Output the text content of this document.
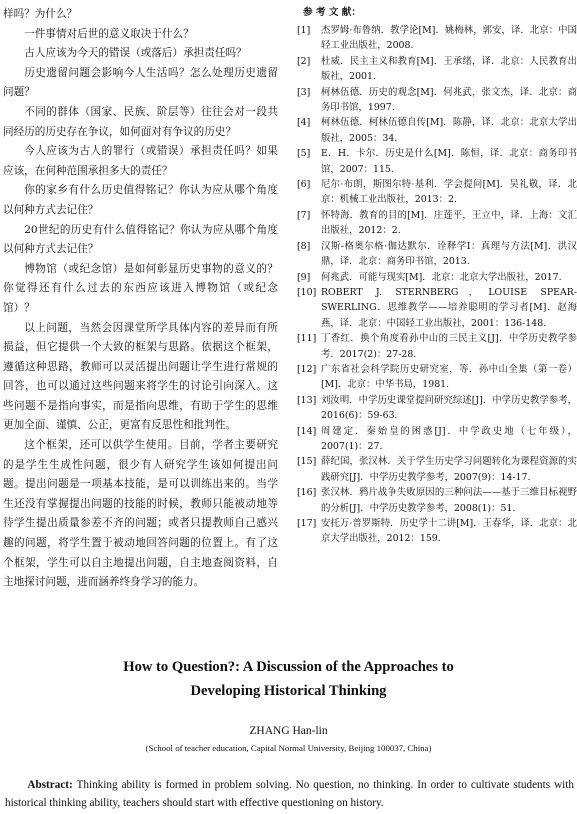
样吗？为什么？

一件事情对后世的意义取决于什么？

古人应该为今天的错误（或落后）承担责任吗？

历史遗留问题会影响今人生活吗？怎么处理历史遗留问题？

不同的群体（国家、民族、阶层等）往往会对一段共同经历的历史存在争议，如何面对有争议的历史？

今人应该为古人的罪行（或错误）承担责任吗？如果应该，在何种范围承担多大的责任？

你的家乡有什么历史值得铭记？你认为应从哪个角度以何种方式去记住？

20世纪的历史有什么值得铭记？你认为应从哪个角度以何种方式去记住？

博物馆（或纪念馆）是如何彰显历史事物的意义的？你觉得还有什么过去的东西应该进入博物馆（或纪念馆）？

以上问题，当然会因课堂所学具体内容的差异而有所损益，但它提供一个大致的框架与思路。依据这个框架，遵循这种思路，教师可以灵活提出问题让学生进行常规的回答，也可以通过这些问题来将学生的讨论引向深入。这些问题不是指向事实，而是指向思维，有助于学生的思维更加全面、谨慎、公正，更富有反思性和批判性。

这个框架，还可以供学生使用。目前，学者主要研究的是学生生成性问题，很少有人研究学生该如何提出问题。提出问题是一项基本技能，是可以训练出来的。当学生还没有掌握提出问题的技能的时候，教师只能被动地等待学生提出质量参差不齐的问题；或者只提教师自己感兴趣的问题，将学生置于被动地回答问题的位置上。有了这个框架，学生可以自主地提出问题，自主地查阅资料，自主地探讨问题，进而涵养终身学习的能力。

参 考 文 献：
[1]	杰罗姆·布鲁纳．教学论[M]．姚梅林，郭安，译．北京：中国轻工业出版社，2008.
[2]	杜威．民主主义和教育[M]．王承绪，译．北京：人民教育出版社，2001.
[3]	柯林伍德．历史的观念[M]．何兆武，张文杰，译．北京：商务印书馆，1997.
[4]	柯林伍德．柯林伍德自传[M]．陈静，译．北京：北京大学出版社，2005：34.
[5]	E．H．卡尔．历史是什么[M]．陈恒，译．北京：商务印书馆，2007：115.
[6]	尼尔·布朗，斯图尔特·基利．学会提问[M]．吴礼敬，译．北京：机械工业出版社，2013：2.
[7]	怀特海．教育的目的[M]．庄莲平，王立中，译．上海：文汇出版社，2012：2.
[8]	汉斯-格奥尔格·伽达默尔．诠释学Ⅰ：真理与方法[M]．洪汉鼎，译．北京：商务印书馆，2013.
[9]	何兆武．可能与现实[M]．北京：北京大学出版社，2017.
[10] ROBERT J. STERNBERG，LOUISE SPEAR-SWERLING．思维教学——培养聪明的学习者[M]．赵海燕，译．北京：中国轻工业出版社，2001：136-148.
[11] 丁香红．换个角度看孙中山的三民主义[J]．中学历史教学参考．2017(2)：27-28.
[12] 广东省社会科学院历史研究室，等．孙中山全集（第一卷）[M]．北京：中华书局，1981.
[13] 刘汝明．中学历史课堂提问研究综述[J]．中学历史教学参考，2016(6)：59-63.
[14] 周建定．秦始皇的困惑[J]．中学政史地（七年级），2007(1)：27.
[15] 薛纪国，张汉林．关于学生历史学习问题转化为课程资源的实践研究[J]．中学历史教学参考，2007(9)：14-17.
[16] 张汉林．鸦片战争失败原因的三种问法——基于三维目标视野的分析[J]．中学历史教学参考，2008(1)：51.
[17] 安托万·普罗斯特．历史学十二讲[M]．王春华，译．北京：北京大学出版社，2012：159.
How to Question?: A Discussion of the Approaches to
Developing Historical Thinking
ZHANG Han-lin
(School of teacher education, Capital Normal University, Beijing 100037, China)
Abstract: Thinking ability is formed in problem solving. No question, no thinking. In order to cultivate students with historical thinking ability, teachers should start with effective questioning on history.
